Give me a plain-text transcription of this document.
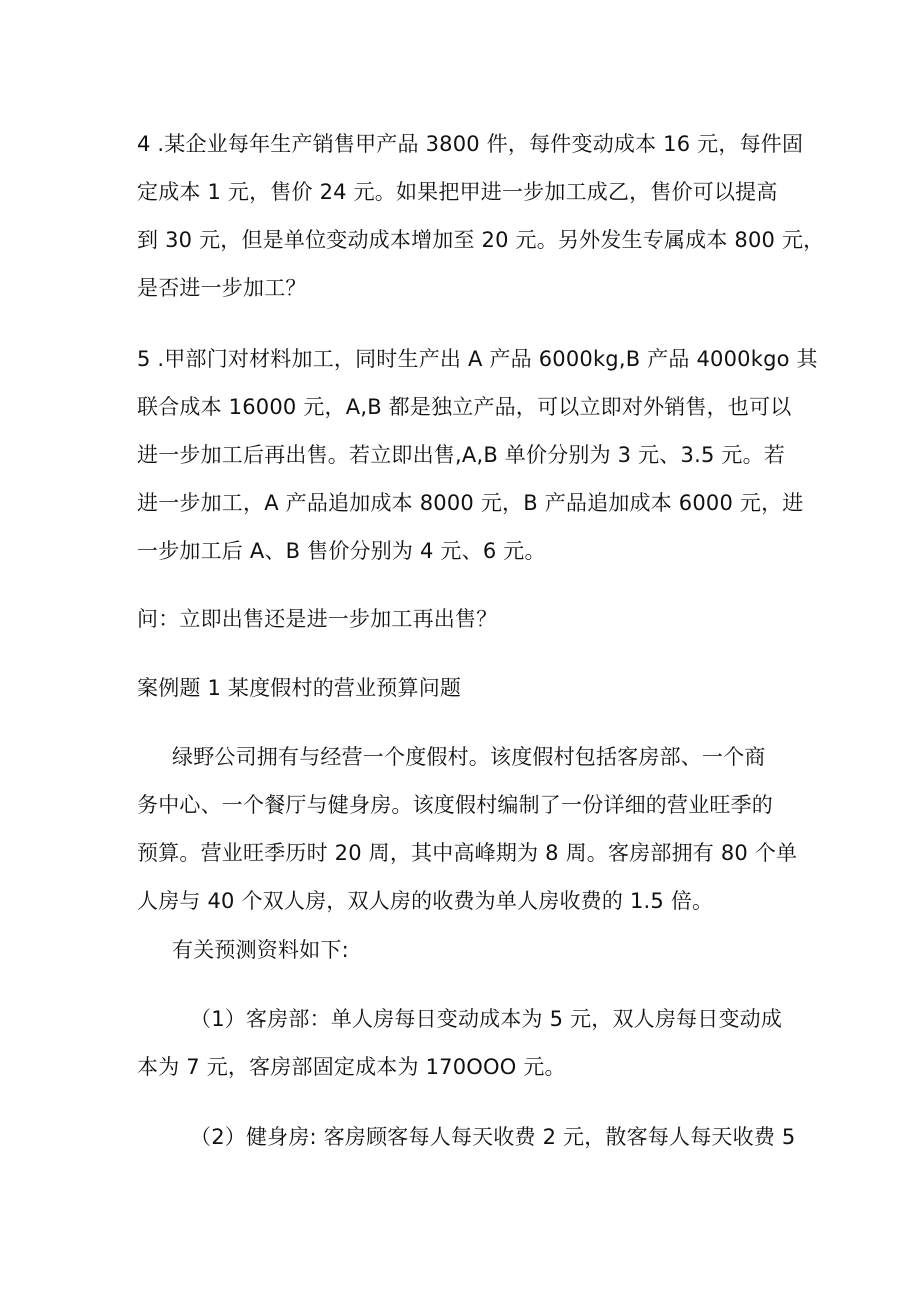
4 .某企业每年生产销售甲产品 3800 件，每件变动成本 16 元，每件固
定成本 1 元，售价 24 元。如果把甲进一步加工成乙，售价可以提高
到 30 元，但是单位变动成本增加至 20 元。另外发生专属成本 800 元，
是否进一步加工？
5 .甲部门对材料加工，同时生产出 A 产品 6000kg,B 产品 4000kgo 其
联合成本 16000 元，A,B 都是独立产品，可以立即对外销售，也可以
进一步加工后再出售。若立即出售,A,B 单价分别为 3 元、3.5 元。若
进一步加工，A 产品追加成本 8000 元，B 产品追加成本 6000 元，进
一步加工后 A、B 售价分别为 4 元、6 元。
问：立即出售还是进一步加工再出售？
案例题 1 某度假村的营业预算问题
绿野公司拥有与经营一个度假村。该度假村包括客房部、一个商
务中心、一个餐厅与健身房。该度假村编制了一份详细的营业旺季的
预算。营业旺季历时 20 周，其中高峰期为 8 周。客房部拥有 80 个单
人房与 40 个双人房，双人房的收费为单人房收费的 1.5 倍。
有关预测资料如下:
（1）客房部：单人房每日变动成本为 5 元，双人房每日变动成
本为 7 元，客房部固定成本为 170OOO 元。
（2）健身房: 客房顾客每人每天收费 2 元，散客每人每天收费 5
